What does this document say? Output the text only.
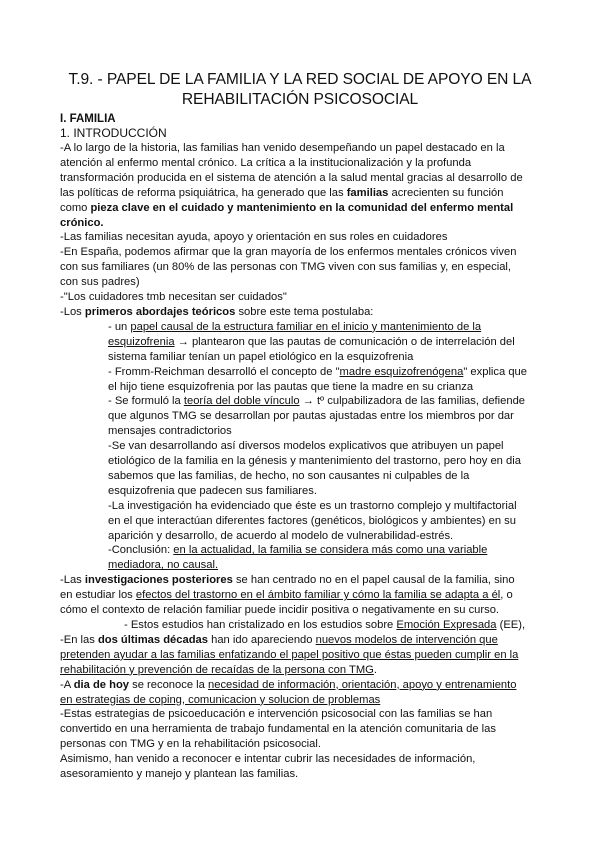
T.9. - PAPEL DE LA FAMILIA Y LA RED SOCIAL DE APOYO EN LA REHABILITACIÓN PSICOSOCIAL
I. FAMILIA
1. INTRODUCCIÓN

-A lo largo de la historia, las familias han venido desempeñando un papel destacado en la atención al enfermo mental crónico. La crítica a la institucionalización y la profunda transformación producida en el sistema de atención a la salud mental gracias al desarrollo de las políticas de reforma psiquiátrica, ha generado que las familias acrecienten su función como pieza clave en el cuidado y mantenimiento en la comunidad del enfermo mental crónico.

-Las familias necesitan ayuda, apoyo y orientación en sus roles en cuidadores

-En España, podemos afirmar que la gran mayoría de los enfermos mentales crónicos viven con sus familiares (un 80% de las personas con TMG viven con sus familias y, en especial, con sus padres)

-"Los cuidadores tmb necesitan ser cuidados"

-Los primeros abordajes teóricos sobre este tema postulaba:

- un papel causal de la estructura familiar en el inicio y mantenimiento de la esquizofrenia → plantearon que las pautas de comunicación o de interrelación del sistema familiar tenían un papel etiológico en la esquizofrenia

- Fromm-Reichman desarrolló el concepto de "madre esquizofrenógena" explica que el hijo tiene esquizofrenia por las pautas que tiene la madre en su crianza

- Se formuló la teoría del doble vínculo → tº culpabilizadora de las familias, defiende que algunos TMG se desarrollan por pautas ajustadas entre los miembros por dar mensajes contradictorios

-Se van desarrollando así diversos modelos explicativos que atribuyen un papel etiológico de la familia en la génesis y mantenimiento del trastorno, pero hoy en dia sabemos que las familias, de hecho, no son causantes ni culpables de la esquizofrenia que padecen sus familiares.

-La investigación ha evidenciado que éste es un trastorno complejo y multifactorial en el que interactúan diferentes factores (genéticos, biológicos y ambientes) en su aparición y desarrollo, de acuerdo al modelo de vulnerabilidad-estrés.

-Conclusión: en la actualidad, la familia se considera más como una variable mediadora, no causal.

-Las investigaciones posteriores se han centrado no en el papel causal de la familia, sino en estudiar los efectos del trastorno en el ámbito familiar y cómo la familia se adapta a él, o cómo el contexto de relación familiar puede incidir positiva o negativamente en su curso.

- Estos estudios han cristalizado en los estudios sobre Emoción Expresada (EE),

-En las dos últimas décadas han ido apareciendo nuevos modelos de intervención que pretenden ayudar a las familias enfatizando el papel positivo que éstas pueden cumplir en la rehabilitación y prevención de recaídas de la persona con TMG.

-A dia de hoy se reconoce la necesidad de información, orientación, apoyo y entrenamiento en estrategias de coping, comunicacion y solucion de problemas

-Estas estrategias de psicoeducación e intervención psicosocial con las familias se han convertido en una herramienta de trabajo fundamental en la atención comunitaria de las personas con TMG y en la rehabilitación psicosocial.

Asimismo, han venido a reconocer e intentar cubrir las necesidades de información, asesoramiento y manejo y plantean las familias.
